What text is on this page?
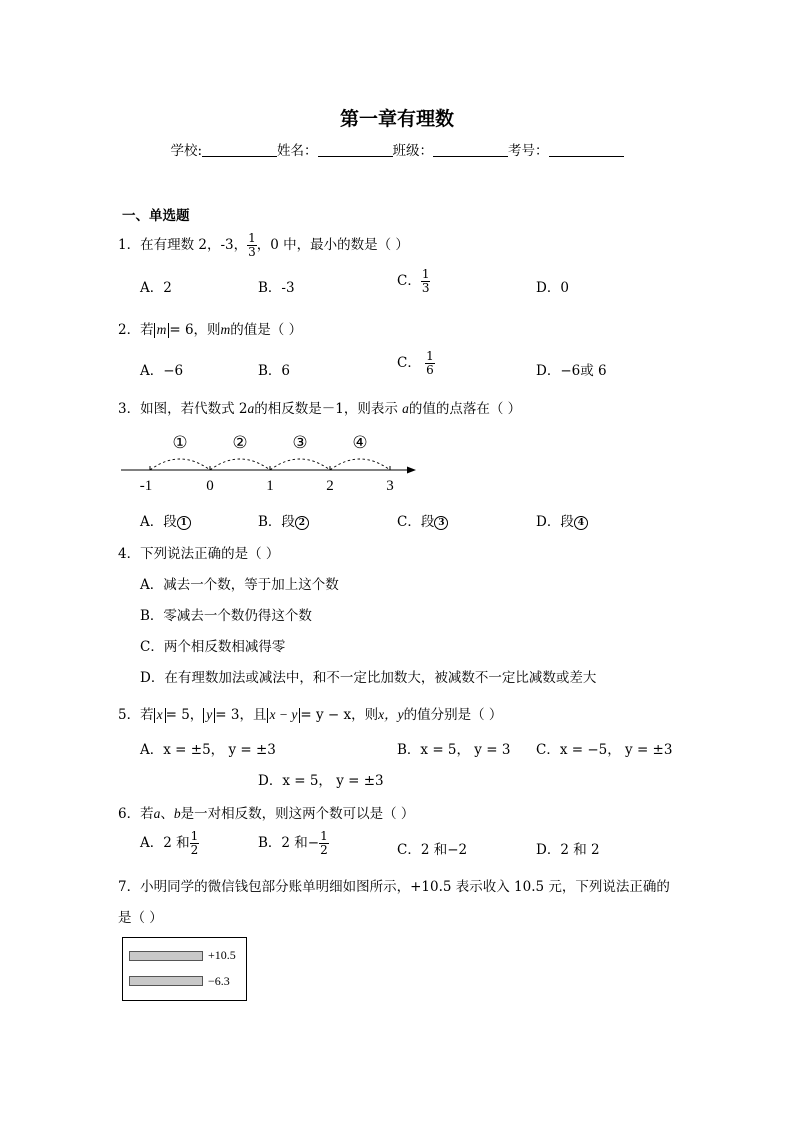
第一章有理数
学校:	姓名：	班级：	考号：
一、单选题
1．在有理数 2，-3， $\frac{1}{3}$ ，0 中，最小的数是（ ）
A．2	B．-3	C． $\frac{1}{3}$	D．0
2．若 m = 6，则m的值是（ ）
A．−6	B．6	C． $\frac{1}{6}$	D．−6或 6
3．如图，若代数式 2a的相反数是－1，则表示 a的值的点落在（ ）
①	②	③	④
-1	0	1	2	3
A．段 1	B．段 2	C．段 3	D．段 4
4．下列说法正确的是（ ）
A．减去一个数，等于加上这个数
B．零减去一个数仍得这个数
C．两个相反数相减得零
D．在有理数加法或减法中，和不一定比加数大，被减数不一定比减数或差大
5．若 x = 5， y = 3，且 x − y = y − x，则x，y的值分别是（ ）
A．x = ±5， y = ±3	B．x = 5， y = 3 C．x = −5， y = ±3
D．x = 5， y = ±3
6．若a、b是一对相反数，则这两个数可以是（ ）
A．2 和 $\frac{1}{2}$	B．2 和− $\frac{1}{2}$	C．2 和−2	D．2 和 2
7．小明同学的微信钱包部分账单明细如图所示，+10.5 表示收入 10.5 元，下列说法正确的
是（ ）
+10.5
−6.3
